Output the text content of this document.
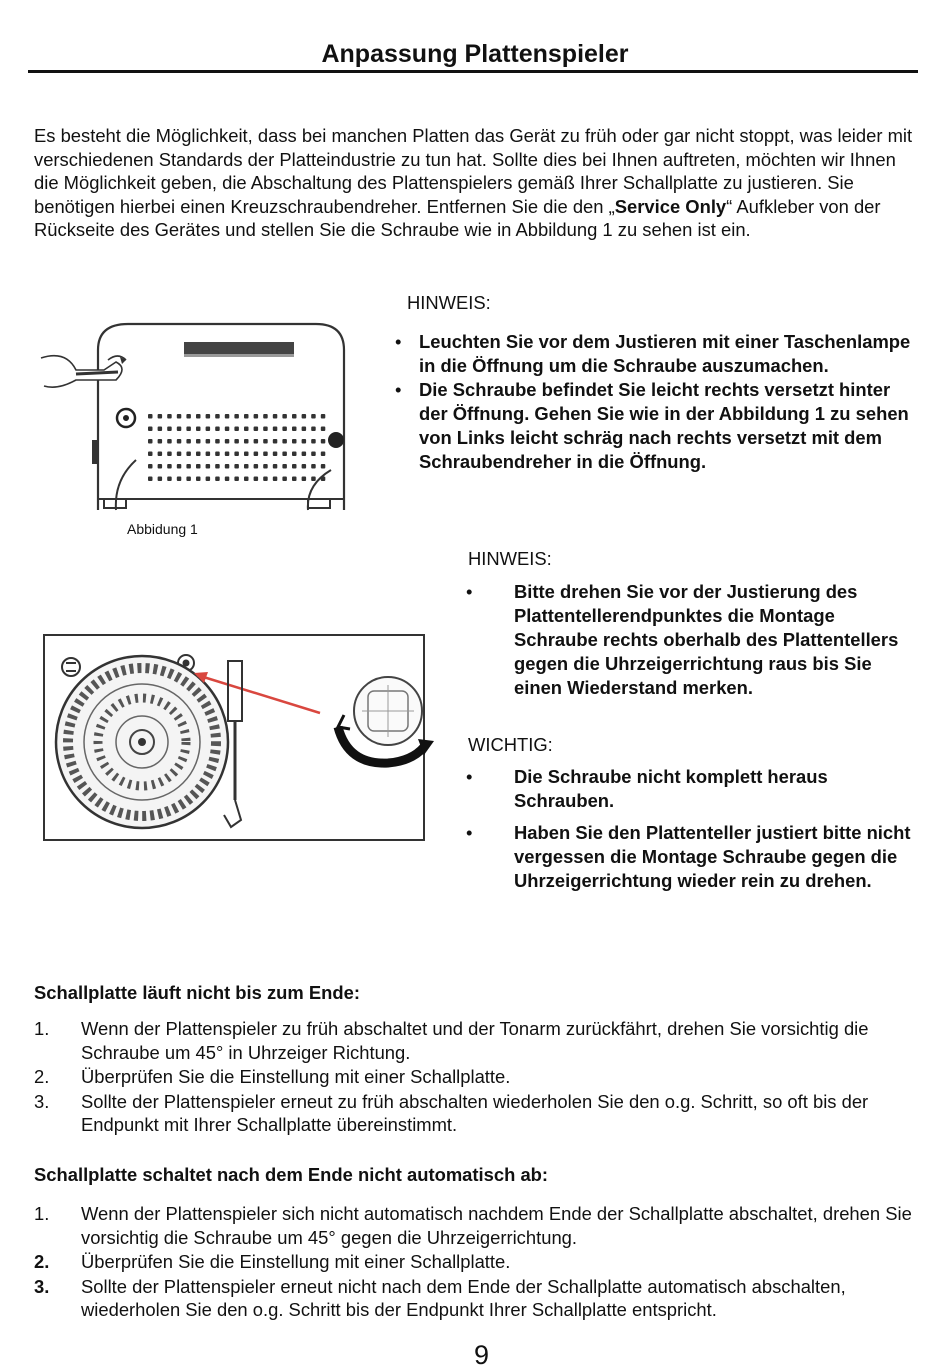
Anpassung Plattenspieler
Es besteht die Möglichkeit, dass bei manchen Platten das Gerät zu früh oder gar nicht stoppt, was leider mit verschiedenen Standards der Platteindustrie zu tun hat. Sollte dies bei Ihnen auftreten, möchten wir Ihnen die Möglichkeit geben, die Abschaltung des Plattenspielers gemäß Ihrer Schallplatte zu justieren. Sie benötigen hierbei einen Kreuzschraubendreher. Entfernen Sie die den „Service Only“ Aufkleber von der Rückseite des Gerätes und stellen Sie die Schraube wie in Abbildung 1 zu sehen ist ein.
Abbidung 1
HINWEIS:
• Leuchten Sie vor dem Justieren mit einer Taschenlampe in die Öffnung um die Schraube auszumachen.
• Die Schraube befindet Sie leicht rechts versetzt hinter der Öffnung. Gehen Sie wie in der Abbildung 1 zu sehen von Links leicht schräg nach rechts versetzt mit dem Schraubendreher in die Öffnung.
HINWEIS:
• Bitte drehen Sie vor der Justierung des Plattentellerendpunktes die Montage Schraube rechts oberhalb des Plattentellers gegen die Uhrzeigerrichtung raus bis Sie einen Wiederstand merken.
WICHTIG:
• Die Schraube nicht komplett heraus Schrauben.
• Haben Sie den Plattenteller justiert bitte nicht vergessen die Montage Schraube gegen die Uhrzeigerrichtung wieder rein zu drehen.
Schallplatte läuft nicht bis zum Ende:
1. Wenn der Plattenspieler zu früh abschaltet und der Tonarm zurückfährt, drehen Sie vorsichtig die Schraube um 45° in Uhrzeiger Richtung.
2. Überprüfen Sie die Einstellung mit einer Schallplatte.
3. Sollte der Plattenspieler erneut zu früh abschalten wiederholen Sie den o.g. Schritt, so oft bis der Endpunkt mit Ihrer Schallplatte übereinstimmt.
Schallplatte schaltet nach dem Ende nicht automatisch ab:
1. Wenn der Plattenspieler sich nicht automatisch nachdem Ende der Schallplatte abschaltet, drehen Sie vorsichtig die Schraube um 45° gegen die Uhrzeigerrichtung.
2. Überprüfen Sie die Einstellung mit einer Schallplatte.
3. Sollte der Plattenspieler erneut nicht nach dem Ende der Schallplatte automatisch abschalten, wiederholen Sie den o.g. Schritt bis der Endpunkt Ihrer Schallplatte entspricht.
9
